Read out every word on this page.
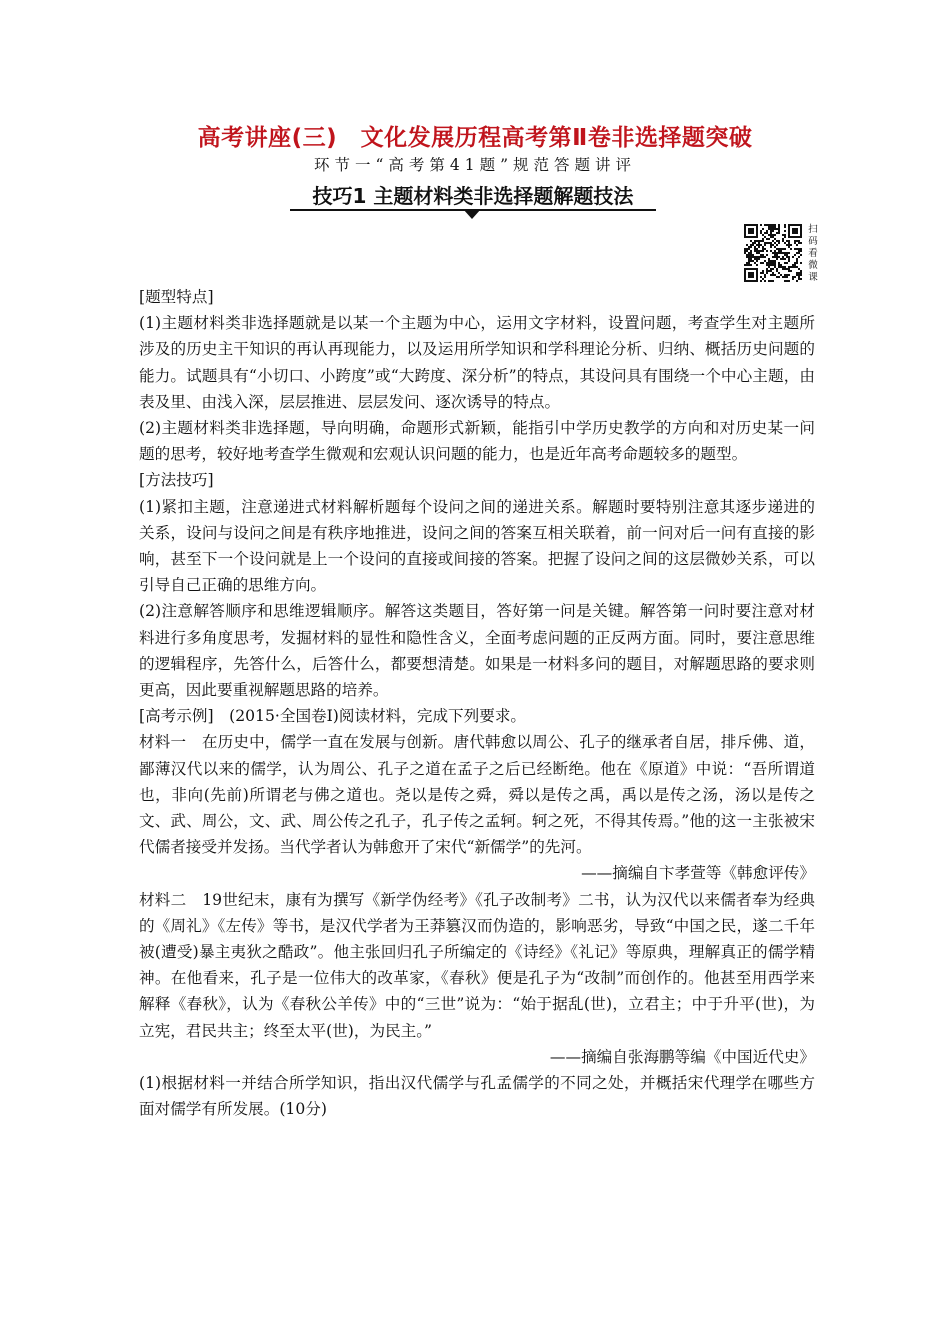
高考讲座(三)　文化发展历程高考第Ⅱ卷非选择题突破
环节一“高考第41题”规范答题讲评
技巧1 主题材料类非选择题解题技法
扫
码
看
微
课

[题型特点]

(1)主题材料类非选择题就是以某一个主题为中心，运用文字材料，设置问题，考查学生对主题所涉及的历史主干知识的再认再现能力，以及运用所学知识和学科理论分析、归纳、概括历史问题的能力。试题具有“小切口、小跨度”或“大跨度、深分析”的特点，其设问具有围绕一个中心主题，由表及里、由浅入深，层层推进、层层发问、逐次诱导的特点。

(2)主题材料类非选择题，导向明确，命题形式新颖，能指引中学历史教学的方向和对历史某一问题的思考，较好地考查学生微观和宏观认识问题的能力，也是近年高考命题较多的题型。

[方法技巧]

(1)紧扣主题，注意递进式材料解析题每个设问之间的递进关系。解题时要特别注意其逐步递进的关系，设问与设问之间是有秩序地推进，设问之间的答案互相关联着，前一问对后一问有直接的影响，甚至下一个设问就是上一个设问的直接或间接的答案。把握了设问之间的这层微妙关系，可以引导自己正确的思维方向。

(2)注意解答顺序和思维逻辑顺序。解答这类题目，答好第一问是关键。解答第一问时要注意对材料进行多角度思考，发掘材料的显性和隐性含义，全面考虑问题的正反两方面。同时，要注意思维的逻辑程序，先答什么，后答什么，都要想清楚。如果是一材料多问的题目，对解题思路的要求则更高，因此要重视解题思路的培养。

[高考示例]　(2015·全国卷Ⅰ)阅读材料，完成下列要求。

材料一　在历史中，儒学一直在发展与创新。唐代韩愈以周公、孔子的继承者自居，排斥佛、道，鄙薄汉代以来的儒学，认为周公、孔子之道在孟子之后已经断绝。他在《原道》中说：“吾所谓道也，非向(先前)所谓老与佛之道也。尧以是传之舜，舜以是传之禹，禹以是传之汤，汤以是传之文、武、周公，文、武、周公传之孔子，孔子传之孟轲。轲之死，不得其传焉。”他的这一主张被宋代儒者接受并发扬。当代学者认为韩愈开了宋代“新儒学”的先河。

——摘编自卞孝萱等《韩愈评传》

材料二　19世纪末，康有为撰写《新学伪经考》《孔子改制考》二书，认为汉代以来儒者奉为经典的《周礼》《左传》等书，是汉代学者为王莽篡汉而伪造的，影响恶劣，导致“中国之民，遂二千年被(遭受)暴主夷狄之酷政”。他主张回归孔子所编定的《诗经》《礼记》等原典，理解真正的儒学精神。在他看来，孔子是一位伟大的改革家，《春秋》便是孔子为“改制”而创作的。他甚至用西学来解释《春秋》，认为《春秋公羊传》中的“三世”说为：“始于据乱(世)，立君主；中于升平(世)，为立宪，君民共主；终至太平(世)，为民主。”

——摘编自张海鹏等编《中国近代史》

(1)根据材料一并结合所学知识，指出汉代儒学与孔孟儒学的不同之处，并概括宋代理学在哪些方面对儒学有所发展。(10分)
